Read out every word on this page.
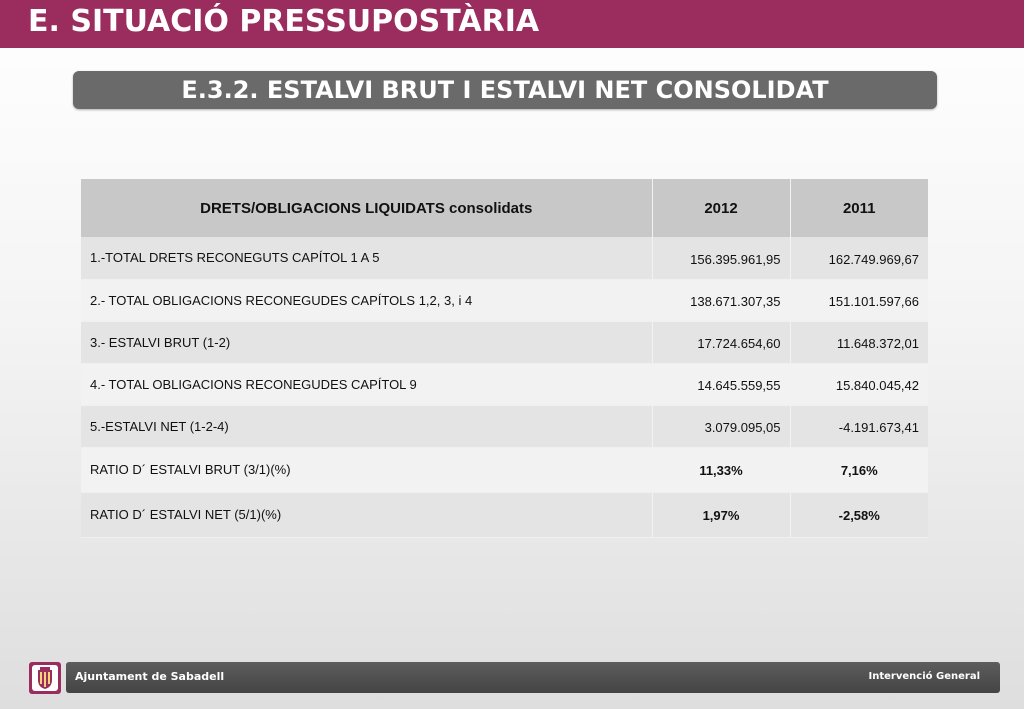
E. SITUACIÓ PRESSUPOSTÀRIA
E.3.2. ESTALVI BRUT I ESTALVI NET CONSOLIDAT
DRETS/OBLIGACIONS LIQUIDATS consolidats	2012	2011
1.-TOTAL DRETS RECONEGUTS CAPÍTOL 1 A 5	156.395.961,95	162.749.969,67
2.- TOTAL OBLIGACIONS RECONEGUDES CAPÍTOLS 1,2, 3, i 4	138.671.307,35	151.101.597,66
3.- ESTALVI BRUT (1-2)	17.724.654,60	11.648.372,01
4.- TOTAL OBLIGACIONS RECONEGUDES CAPÍTOL 9	14.645.559,55	15.840.045,42
5.-ESTALVI NET (1-2-4)	3.079.095,05	-4.191.673,41
RATIO D´ ESTALVI BRUT (3/1)(%)	11,33%	7,16%
RATIO D´ ESTALVI NET (5/1)(%)	1,97%	-2,58%
Ajuntament de Sabadell	Intervenció General
